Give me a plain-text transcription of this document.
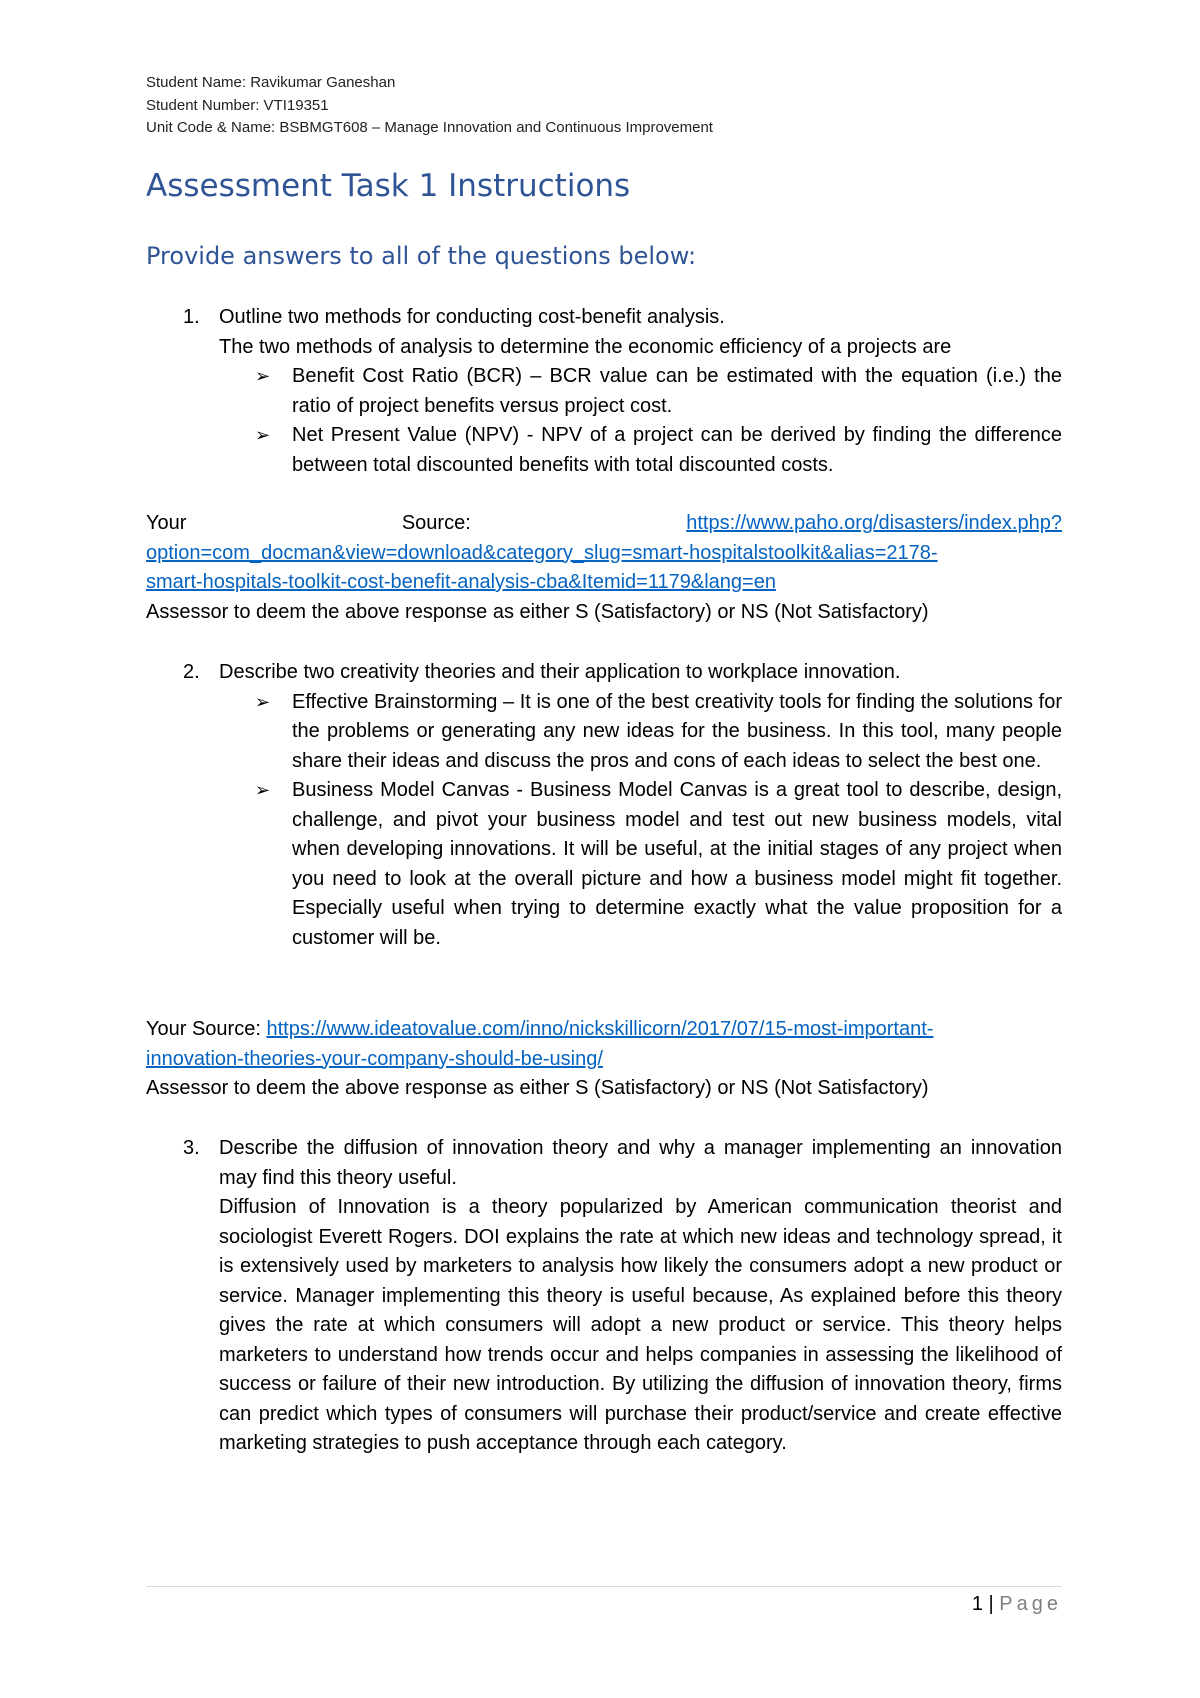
Student Name: Ravikumar Ganeshan
Student Number: VTI19351
Unit Code & Name: BSBMGT608 – Manage Innovation and Continuous Improvement
Assessment Task 1 Instructions
Provide answers to all of the questions below:
1. Outline two methods for conducting cost-benefit analysis.
The two methods of analysis to determine the economic efficiency of a projects are
➢ Benefit Cost Ratio (BCR) – BCR value can be estimated with the equation (i.e.) the ratio of project benefits versus project cost.
➢ Net Present Value (NPV) - NPV of a project can be derived by finding the difference between total discounted benefits with total discounted costs.
Your	Source:	https://www.paho.org/disasters/index.php?
option=com_docman&view=download&category_slug=smart-hospitalstoolkit&alias=2178-
smart-hospitals-toolkit-cost-benefit-analysis-cba&Itemid=1179&lang=en
Assessor to deem the above response as either S (Satisfactory) or NS (Not Satisfactory)
2. Describe two creativity theories and their application to workplace innovation.
➢ Effective Brainstorming – It is one of the best creativity tools for finding the solutions for the problems or generating any new ideas for the business. In this tool, many people share their ideas and discuss the pros and cons of each ideas to select the best one.
➢ Business Model Canvas - Business Model Canvas is a great tool to describe, design, challenge, and pivot your business model and test out new business models, vital when developing innovations. It will be useful, at the initial stages of any project when you need to look at the overall picture and how a business model might fit together. Especially useful when trying to determine exactly what the value proposition for a customer will be.
Your Source: https://www.ideatovalue.com/inno/nickskillicorn/2017/07/15-most-important-
innovation-theories-your-company-should-be-using/
Assessor to deem the above response as either S (Satisfactory) or NS (Not Satisfactory)
3. Describe the diffusion of innovation theory and why a manager implementing an innovation may find this theory useful.
Diffusion of Innovation is a theory popularized by American communication theorist and sociologist Everett Rogers. DOI explains the rate at which new ideas and technology spread, it is extensively used by marketers to analysis how likely the consumers adopt a new product or service. Manager implementing this theory is useful because, As explained before this theory gives the rate at which consumers will adopt a new product or service. This theory helps marketers to understand how trends occur and helps companies in assessing the likelihood of success or failure of their new introduction. By utilizing the diffusion of innovation theory, firms can predict which types of consumers will purchase their product/service and create effective marketing strategies to push acceptance through each category.
1 | Page
